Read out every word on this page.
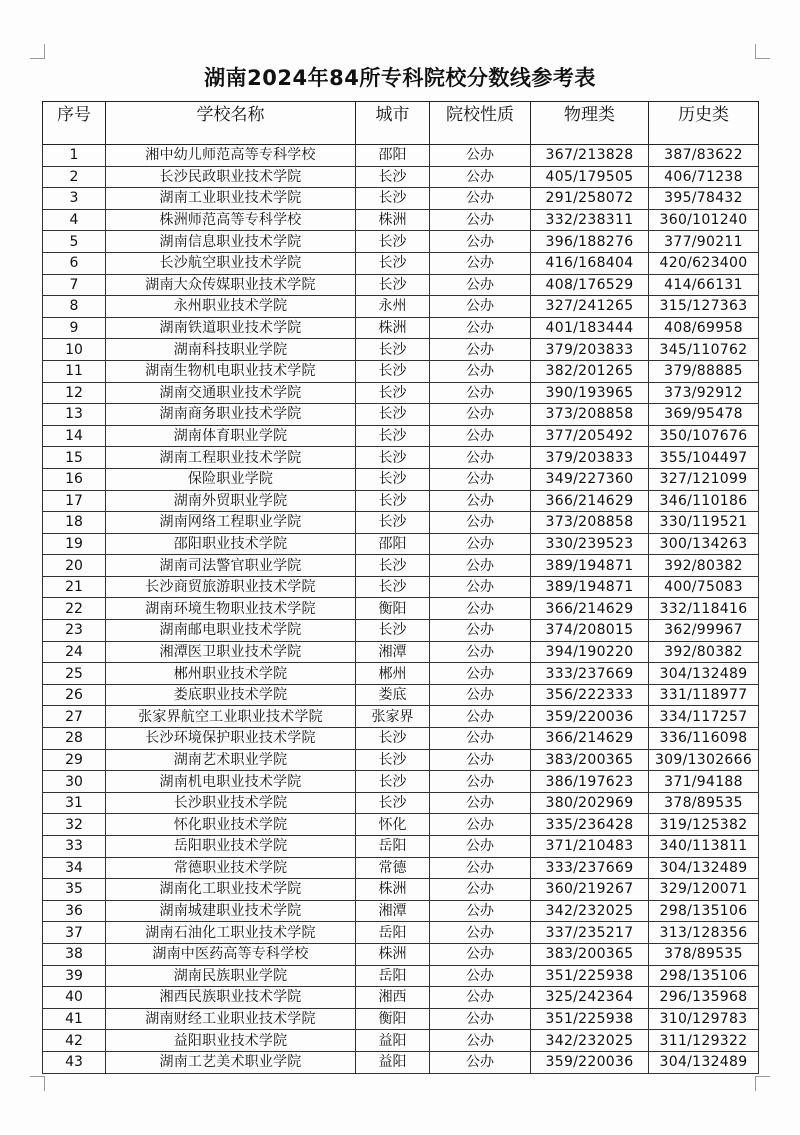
湖南2024年84所专科院校分数线参考表
序号	学校名称	城市	院校性质	物理类	历史类

1	湘中幼儿师范高等专科学校	邵阳	公办	367/213828	387/83622
2	长沙民政职业技术学院	长沙	公办	405/179505	406/71238
3	湖南工业职业技术学院	长沙	公办	291/258072	395/78432
4	株洲师范高等专科学校	株洲	公办	332/238311	360/101240
5	湖南信息职业技术学院	长沙	公办	396/188276	377/90211
6	长沙航空职业技术学院	长沙	公办	416/168404	420/623400
7	湖南大众传媒职业技术学院	长沙	公办	408/176529	414/66131
8	永州职业技术学院	永州	公办	327/241265	315/127363
9	湖南铁道职业技术学院	株洲	公办	401/183444	408/69958
10	湖南科技职业学院	长沙	公办	379/203833	345/110762
11	湖南生物机电职业技术学院	长沙	公办	382/201265	379/88885
12	湖南交通职业技术学院	长沙	公办	390/193965	373/92912
13	湖南商务职业技术学院	长沙	公办	373/208858	369/95478
14	湖南体育职业学院	长沙	公办	377/205492	350/107676
15	湖南工程职业技术学院	长沙	公办	379/203833	355/104497
16	保险职业学院	长沙	公办	349/227360	327/121099
17	湖南外贸职业学院	长沙	公办	366/214629	346/110186
18	湖南网络工程职业学院	长沙	公办	373/208858	330/119521
19	邵阳职业技术学院	邵阳	公办	330/239523	300/134263
20	湖南司法警官职业学院	长沙	公办	389/194871	392/80382
21	长沙商贸旅游职业技术学院	长沙	公办	389/194871	400/75083
22	湖南环境生物职业技术学院	衡阳	公办	366/214629	332/118416
23	湖南邮电职业技术学院	长沙	公办	374/208015	362/99967
24	湘潭医卫职业技术学院	湘潭	公办	394/190220	392/80382
25	郴州职业技术学院	郴州	公办	333/237669	304/132489
26	娄底职业技术学院	娄底	公办	356/222333	331/118977
27	张家界航空工业职业技术学院	张家界	公办	359/220036	334/117257
28	长沙环境保护职业技术学院	长沙	公办	366/214629	336/116098
29	湖南艺术职业学院	长沙	公办	383/200365	309/1302666
30	湖南机电职业技术学院	长沙	公办	386/197623	371/94188
31	长沙职业技术学院	长沙	公办	380/202969	378/89535
32	怀化职业技术学院	怀化	公办	335/236428	319/125382
33	岳阳职业技术学院	岳阳	公办	371/210483	340/113811
34	常德职业技术学院	常德	公办	333/237669	304/132489
35	湖南化工职业技术学院	株洲	公办	360/219267	329/120071
36	湖南城建职业技术学院	湘潭	公办	342/232025	298/135106
37	湖南石油化工职业技术学院	岳阳	公办	337/235217	313/128356
38	湖南中医药高等专科学校	株洲	公办	383/200365	378/89535
39	湖南民族职业学院	岳阳	公办	351/225938	298/135106
40	湘西民族职业技术学院	湘西	公办	325/242364	296/135968
41	湖南财经工业职业技术学院	衡阳	公办	351/225938	310/129783
42	益阳职业技术学院	益阳	公办	342/232025	311/129322
43	湖南工艺美术职业学院	益阳	公办	359/220036	304/132489
